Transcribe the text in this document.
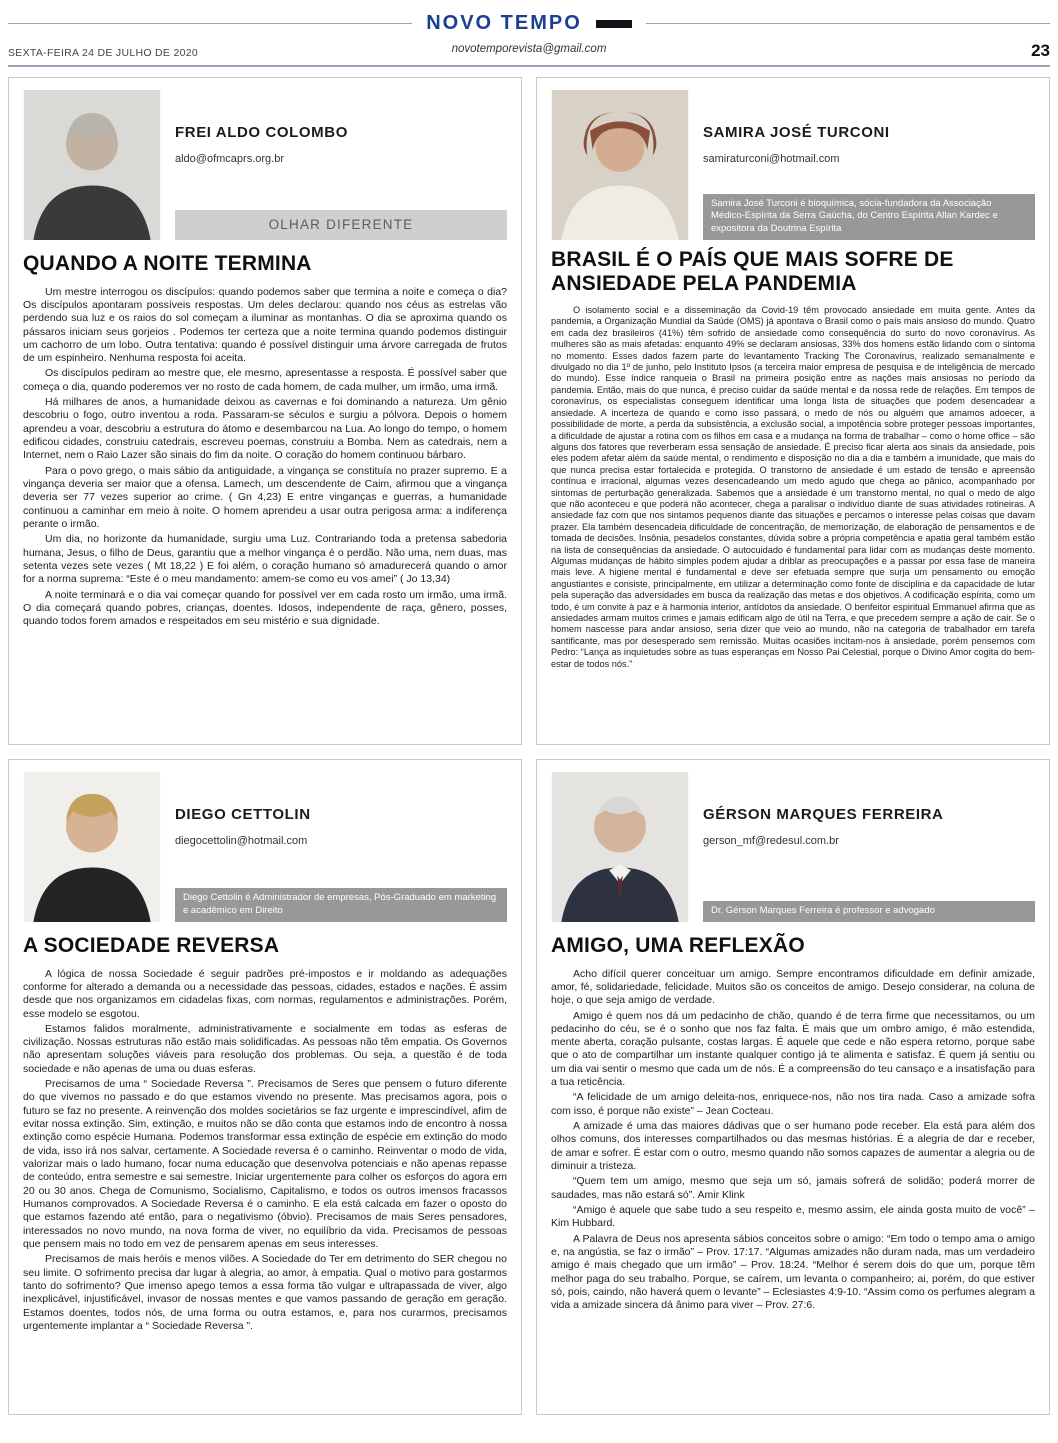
NOVO TEMPO
SEXTA-FEIRA 24 DE JULHO DE 2020	novotemporevista@gmail.com	23
FREI ALDO COLOMBO
aldo@ofmcaprs.org.br
OLHAR DIFERENTE
QUANDO A NOITE TERMINA

Um mestre interrogou os discípulos: quando podemos saber que termina a noite e começa o dia? Os discípulos apontaram possíveis respostas. Um deles declarou: quando nos céus as estrelas vão perdendo sua luz e os raios do sol começam a iluminar as montanhas. O dia se aproxima quando os pássaros iniciam seus gorjeios . Podemos ter certeza que a noite termina quando podemos distinguir um cachorro de um lobo. Outra tentativa: quando é possível distinguir uma árvore carregada de frutos de um espinheiro. Nenhuma resposta foi aceita.

Os discípulos pediram ao mestre que, ele mesmo, apresentasse a resposta. É possível saber que começa o dia, quando poderemos ver no rosto de cada homem, de cada mulher, um irmão, uma irmã.

Há milhares de anos, a humanidade deixou as cavernas e foi dominando a natureza. Um gênio descobriu o fogo, outro inventou a roda. Passaram-se séculos e surgiu a pólvora. Depois o homem aprendeu a voar, descobriu a estrutura do átomo e desembarcou na Lua. Ao longo do tempo, o homem edificou cidades, construiu catedrais, escreveu poemas, construiu a Bomba. Nem as catedrais, nem a Internet, nem o Raio Lazer são sinais do fim da noite. O coração do homem continuou bárbaro.

Para o povo grego, o mais sábio da antiguidade, a vingança se constituía no prazer supremo. E a vingança deveria ser maior que a ofensa. Lamech, um descendente de Caim, afirmou que a vingança deveria ser 77 vezes superior ao crime. ( Gn 4,23) E entre vinganças e guerras, a humanidade continuou a caminhar em meio à noite. O homem aprendeu a usar outra perigosa arma: a indiferença perante o irmão.

Um dia, no horizonte da humanidade, surgiu uma Luz. Contrariando toda a pretensa sabedoria humana, Jesus, o filho de Deus, garantiu que a melhor vingança é o perdão. Não uma, nem duas, mas setenta vezes sete vezes ( Mt 18,22 ) E foi além, o coração humano só amadurecerá quando o amor for a norma suprema: “Este é o meu mandamento: amem-se como eu vos amei” ( Jo 13,34)

A noite terminará e o dia vai começar quando for possível ver em cada rosto um irmão, uma irmã. O dia começará quando pobres, crianças, doentes. Idosos, independente de raça, gênero, posses, quando todos forem amados e respeitados em seu mistério e sua dignidade.

SAMIRA JOSÉ TURCONI
samiraturconi@hotmail.com
Samira José Turconi é bioquímica, sócia-fundadora da Associação Médico-Espírita da Serra Gaúcha, do Centro Espírita Allan Kardec e expositora da Doutrina Espírita
BRASIL É O PAÍS QUE MAIS SOFRE DE ANSIEDADE PELA PANDEMIA

O isolamento social e a disseminação da Covid-19 têm provocado ansiedade em muita gente. Antes da pandemia, a Organização Mundial da Saúde (OMS) já apontava o Brasil como o país mais ansioso do mundo. Quatro em cada dez brasileiros (41%) têm sofrido de ansiedade como consequência do surto do novo coronavírus. As mulheres são as mais afetadas: enquanto 49% se declaram ansiosas, 33% dos homens estão lidando com o sintoma no momento. Esses dados fazem parte do levantamento Tracking The Coronavirus, realizado semanalmente e divulgado no dia 1º de junho, pelo Instituto Ipsos (a terceira maior empresa de pesquisa e de inteligência de mercado do mundo). Esse índice ranqueia o Brasil na primeira posição entre as nações mais ansiosas no período da pandemia. Então, mais do que nunca, é preciso cuidar da saúde mental e da nossa rede de relações. Em tempos de coronavírus, os especialistas conseguem identificar uma longa lista de situações que podem desencadear a ansiedade. A incerteza de quando e como isso passará, o medo de nós ou alguém que amamos adoecer, a possibilidade de morte, a perda da subsistência, a exclusão social, a impotência sobre proteger pessoas importantes, a dificuldade de ajustar a rotina com os filhos em casa e a mudança na forma de trabalhar – como o home office – são alguns dos fatores que reverberam essa sensação de ansiedade. É preciso ficar alerta aos sinais da ansiedade, pois eles podem afetar além da saúde mental, o rendimento e disposição no dia a dia e também a imunidade, que mais do que nunca precisa estar fortalecida e protegida. O transtorno de ansiedade é um estado de tensão e apreensão contínua e irracional, algumas vezes desencadeando um medo agudo que chega ao pânico, acompanhado por sintomas de perturbação generalizada. Sabemos que a ansiedade é um transtorno mental, no qual o medo de algo que não aconteceu e que poderá não acontecer, chega a paralisar o indivíduo diante de suas atividades rotineiras. A ansiedade faz com que nos sintamos pequenos diante das situações e percamos o interesse pelas coisas que davam prazer. Ela também desencadeia dificuldade de concentração, de memorização, de elaboração de pensamentos e de tomada de decisões. Insônia, pesadelos constantes, dúvida sobre a própria competência e apatia geral também estão na lista de consequências da ansiedade. O autocuidado é fundamental para lidar com as mudanças deste momento. Algumas mudanças de hábito simples podem ajudar a driblar as preocupações e a passar por essa fase de maneira mais leve. A higiene mental é fundamental e deve ser efetuada sempre que surja um pensamento ou emoção angustiantes e consiste, principalmente, em utilizar a determinação como fonte de disciplina e da capacidade de lutar pela superação das adversidades em busca da realização das metas e dos objetivos. A codificação espírita, como um todo, é um convite à paz e à harmonia interior, antídotos da ansiedade. O benfeitor espiritual Emmanuel afirma que as ansiedades armam muitos crimes e jamais edificam algo de útil na Terra, e que precedem sempre a ação de cair. Se o homem nascesse para andar ansioso, seria dizer que veio ao mundo, não na categoria de trabalhador em tarefa santificante, mas por desesperado sem remissão. Muitas ocasiões incitam-nos à ansiedade, porém pensemos com Pedro: “Lança as inquietudes sobre as tuas esperanças em Nosso Pai Celestial, porque o Divino Amor cogita do bem-estar de todos nós.”

DIEGO CETTOLIN
diegocettolin@hotmail.com
Diego Cettolin é Administrador de empresas, Pós-Graduado em marketing e acadêmico em Direito
A SOCIEDADE REVERSA

A lógica de nossa Sociedade é seguir padrões pré-impostos e ir moldando as adequações conforme for alterado a demanda ou a necessidade das pessoas, cidades, estados e nações. É assim desde que nos organizamos em cidadelas fixas, com normas, regulamentos e administrações. Porém, esse modelo se esgotou.

Estamos falidos moralmente, administrativamente e socialmente em todas as esferas de civilização. Nossas estruturas não estão mais solidificadas. As pessoas não têm empatia. Os Governos não apresentam soluções viáveis para resolução dos problemas. Ou seja, a questão é de toda sociedade e não apenas de uma ou duas esferas.

Precisamos de uma “ Sociedade Reversa ”. Precisamos de Seres que pensem o futuro diferente do que vivemos no passado e do que estamos vivendo no presente. Mas precisamos agora, pois o futuro se faz no presente. A reinvenção dos moldes societários se faz urgente e imprescindível, afim de evitar nossa extinção. Sim, extinção, e muitos não se dão conta que estamos indo de encontro à nossa extinção como espécie Humana. Podemos transformar essa extinção de espécie em extinção do modo de vida, isso irá nos salvar, certamente. A Sociedade reversa é o caminho. Reinventar o modo de vida, valorizar mais o lado humano, focar numa educação que desenvolva potenciais e não apenas repasse de conteúdo, entra semestre e sai semestre. Iniciar urgentemente para colher os esforços do agora em 20 ou 30 anos. Chega de Comunismo, Socialismo, Capitalismo, e todos os outros imensos fracassos Humanos comprovados. A Sociedade Reversa é o caminho. E ela está calcada em fazer o oposto do que estamos fazendo até então, para o negativismo (óbvio). Precisamos de mais Seres pensadores, interessados no novo mundo, na nova forma de viver, no equilíbrio da vida. Precisamos de pessoas que pensem mais no todo em vez de pensarem apenas em seus interesses.

Precisamos de mais heróis e menos vilões. A Sociedade do Ter em detrimento do SER chegou no seu limite. O sofrimento precisa dar lugar à alegria, ao amor, à empatia. Qual o motivo para gostarmos tanto do sofrimento? Que imenso apego temos a essa forma tão vulgar e ultrapassada de viver, algo inexplicável, injustificável, invasor de nossas mentes e que vamos passando de geração em geração. Estamos doentes, todos nós, de uma forma ou outra estamos, e, para nos curarmos, precisamos urgentemente implantar a “ Sociedade Reversa ”.

GÉRSON MARQUES FERREIRA
gerson_mf@redesul.com.br
Dr. Gérson Marques Ferreira é professor e advogado
AMIGO, UMA REFLEXÃO

Acho difícil querer conceituar um amigo. Sempre encontramos dificuldade em definir amizade, amor, fé, solidariedade, felicidade. Muitos são os conceitos de amigo. Desejo considerar, na coluna de hoje, o que seja amigo de verdade.

Amigo é quem nos dá um pedacinho de chão, quando é de terra firme que necessitamos, ou um pedacinho do céu, se é o sonho que nos faz falta. É mais que um ombro amigo, é mão estendida, mente aberta, coração pulsante, costas largas. É aquele que cede e não espera retorno, porque sabe que o ato de compartilhar um instante qualquer contigo já te alimenta e satisfaz. É quem já sentiu ou um dia vai sentir o mesmo que cada um de nós. É a compreensão do teu cansaço e a insatisfação para a tua reticência.

“A felicidade de um amigo deleita-nos, enriquece-nos, não nos tira nada. Caso a amizade sofra com isso, é porque não existe” – Jean Cocteau.

A amizade é uma das maiores dádivas que o ser humano pode receber. Ela está para além dos olhos comuns, dos interesses compartilhados ou das mesmas histórias. É a alegria de dar e receber, de amar e sofrer. É estar com o outro, mesmo quando não somos capazes de aumentar a alegria ou de diminuir a tristeza.

“Quem tem um amigo, mesmo que seja um só, jamais sofrerá de solidão; poderá morrer de saudades, mas não estará só”. Amir Klink

“Amigo é aquele que sabe tudo a seu respeito e, mesmo assim, ele ainda gosta muito de você” – Kim Hubbard.

A Palavra de Deus nos apresenta sábios conceitos sobre o amigo: “Em todo o tempo ama o amigo e, na angústia, se faz o irmão” – Prov. 17:17. “Algumas amizades não duram nada, mas um verdadeiro amigo é mais chegado que um irmão” – Prov. 18:24. “Melhor é serem dois do que um, porque têm melhor paga do seu trabalho. Porque, se caírem, um levanta o companheiro; ai, porém, do que estiver só, pois, caindo, não haverá quem o levante” – Eclesiastes 4:9-10. “Assim como os perfumes alegram a vida a amizade sincera dá ânimo para viver – Prov. 27:6.
